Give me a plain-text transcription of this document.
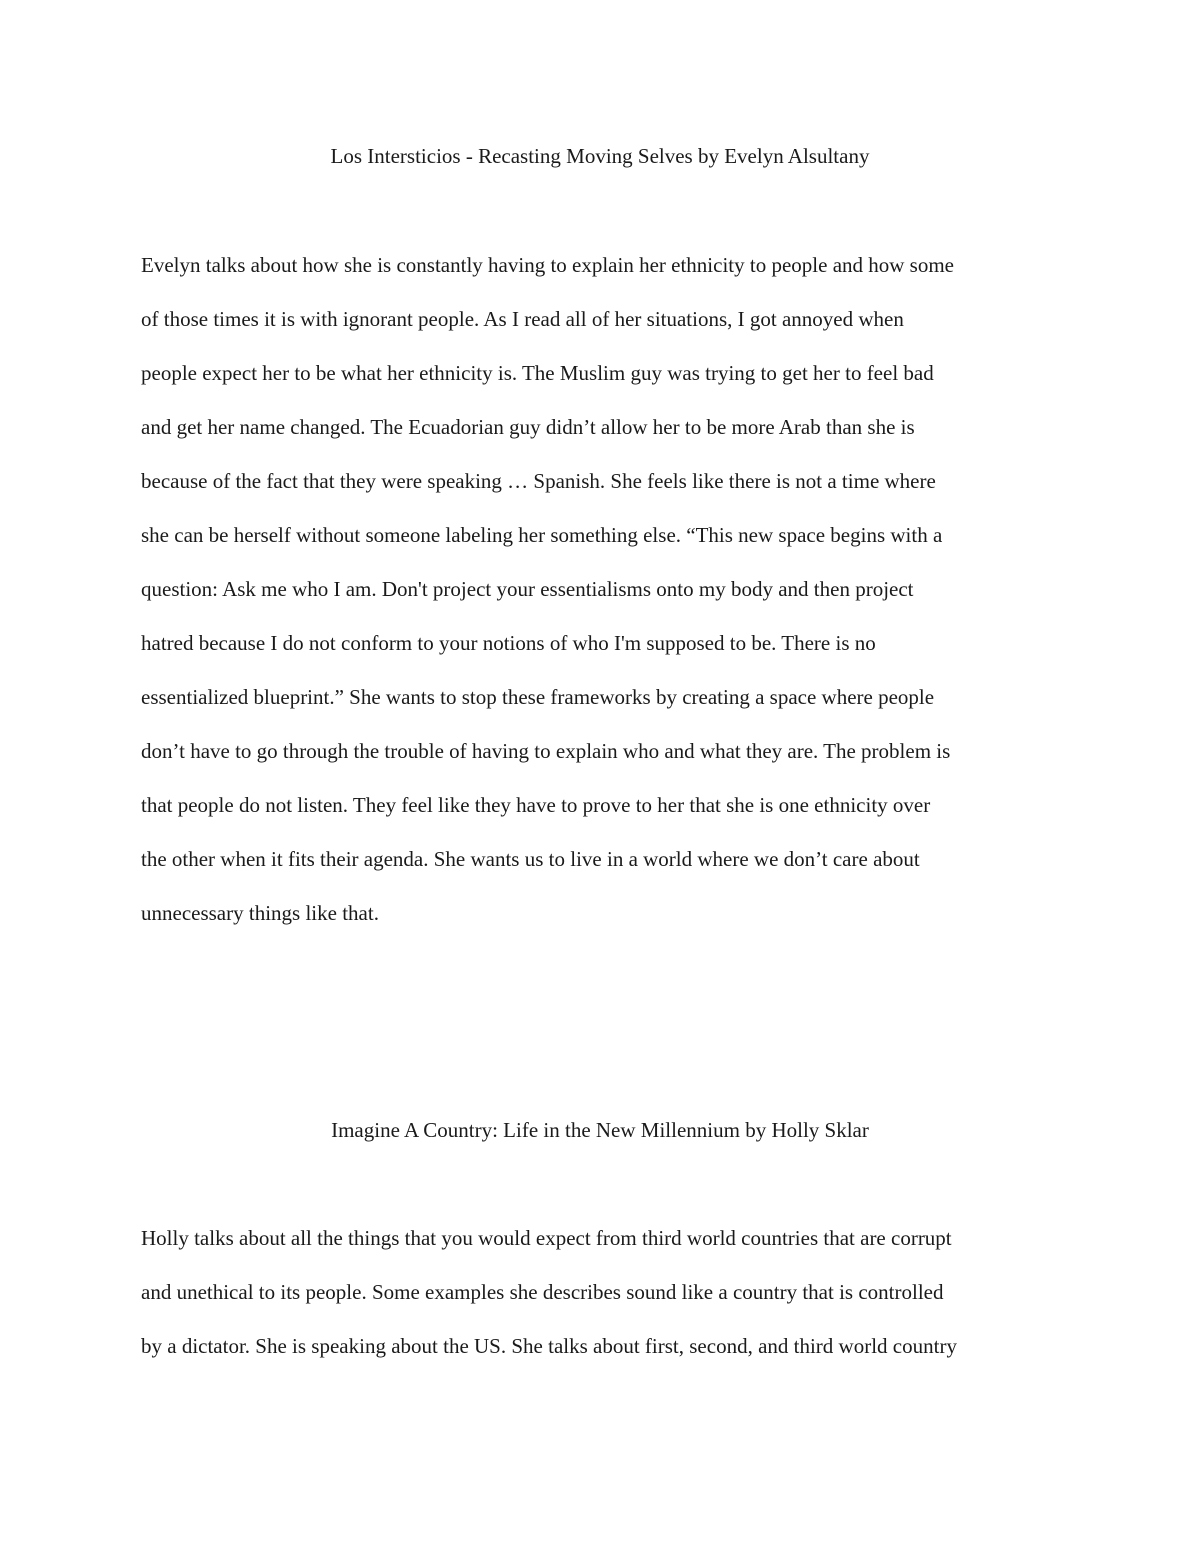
Los Intersticios - Recasting Moving Selves by Evelyn Alsultany
Evelyn talks about how she is constantly having to explain her ethnicity to people and how some
of those times it is with ignorant people. As I read all of her situations, I got annoyed when
people expect her to be what her ethnicity is. The Muslim guy was trying to get her to feel bad
and get her name changed. The Ecuadorian guy didn’t allow her to be more Arab than she is
because of the fact that they were speaking … Spanish. She feels like there is not a time where
she can be herself without someone labeling her something else. “This new space begins with a
question: Ask me who I am. Don't project your essentialisms onto my body and then project
hatred because I do not conform to your notions of who I'm supposed to be. There is no
essentialized blueprint.” She wants to stop these frameworks by creating a space where people
don’t have to go through the trouble of having to explain who and what they are. The problem is
that people do not listen. They feel like they have to prove to her that she is one ethnicity over
the other when it fits their agenda. She wants us to live in a world where we don’t care about
unnecessary things like that.
Imagine A Country: Life in the New Millennium by Holly Sklar
Holly talks about all the things that you would expect from third world countries that are corrupt
and unethical to its people. Some examples she describes sound like a country that is controlled
by a dictator. She is speaking about the US. She talks about first, second, and third world country
